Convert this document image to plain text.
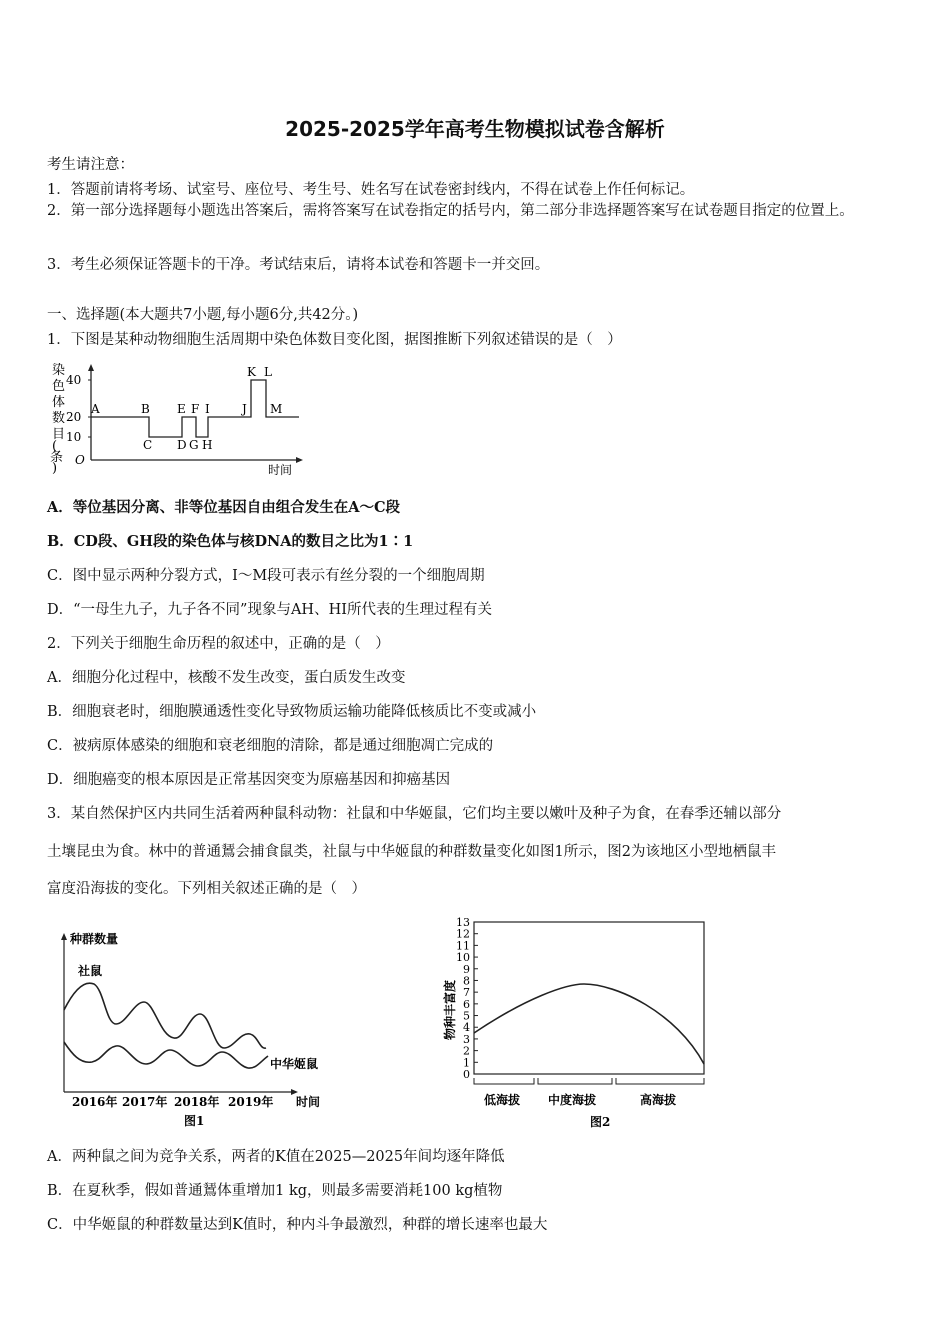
2025-2025学年高考生物模拟试卷含解析
考生请注意：
1．答题前请将考场、试室号、座位号、考生号、姓名写在试卷密封线内，不得在试卷上作任何标记。
2．第一部分选择题每小题选出答案后，需将答案写在试卷指定的括号内，第二部分非选择题答案写在试卷题目指定的位置上。
3．考生必须保证答题卡的干净。考试结束后，请将本试卷和答题卡一并交回。
一、选择题(本大题共7小题,每小题6分,共42分。)
1．下图是某种动物细胞生活周期中染色体数目变化图，据图推断下列叙述错误的是（　）
染
色
体
数
目
(
条
)
O
40
20
10
A	B
C D
E F
G H
I	J
K L
M
时间
A．等位基因分离、非等位基因自由组合发生在A～C段
B．CD段、GH段的染色体与核DNA的数目之比为1∶1
C．图中显示两种分裂方式，Ⅰ～M段可表示有丝分裂的一个细胞周期
D．“一母生九子，九子各不同”现象与AH、HI所代表的生理过程有关
2．下列关于细胞生命历程的叙述中，正确的是（　）
A．细胞分化过程中，核酸不发生改变，蛋白质发生改变
B．细胞衰老时，细胞膜通透性变化导致物质运输功能降低核质比不变或减小
C．被病原体感染的细胞和衰老细胞的清除，都是通过细胞凋亡完成的
D．细胞癌变的根本原因是正常基因突变为原癌基因和抑癌基因
3．某自然保护区内共同生活着两种鼠科动物：社鼠和中华姬鼠，它们均主要以嫩叶及种子为食，在春季还辅以部分
土壤昆虫为食。林中的普通鵟会捕食鼠类，社鼠与中华姬鼠的种群数量变化如图1所示，图2为该地区小型地栖鼠丰
富度沿海拔的变化。下列相关叙述正确的是（　）
种群数量
社鼠
中华姬鼠
2016年 2017年 2018年 2019年 时间
图1
0
1
2
3
4
5
6
7
8
9
10
11
12
13
物种丰富度
低海拔 中度海拔	高海拔
图2
A．两种鼠之间为竞争关系，两者的K值在2025—2025年间均逐年降低
B．在夏秋季，假如普通鵟体重增加1 kg，则最多需要消耗100 kg植物
C．中华姬鼠的种群数量达到K值时，种内斗争最激烈，种群的增长速率也最大
